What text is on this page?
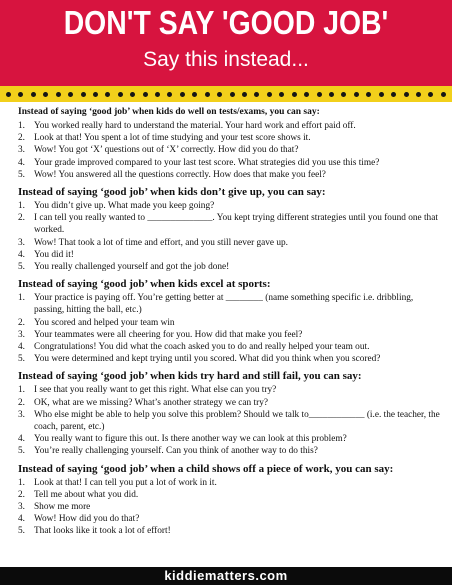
DON'T SAY 'GOOD JOB'
Say this instead...

Instead of saying ‘good job’ when kids do well on tests/exams, you can say:

1. You worked really hard to understand the material. Your hard work and effort paid off.
2. Look at that! You spent a lot of time studying and your test score shows it.
3. Wow! You got ‘X’ questions out of ‘X’ correctly. How did you do that?
4. Your grade improved compared to your last test score. What strategies did you use this time?
5. Wow! You answered all the questions correctly. How does that make you feel?

Instead of saying ‘good job’ when kids don’t give up, you can say:

1. You didn’t give up. What made you keep going?
2. I can tell you really wanted to ______________. You kept trying different strategies until you found one that worked.
3. Wow! That took a lot of time and effort, and you still never gave up.
4. You did it!
5. You really challenged yourself and got the job done!

Instead of saying ‘good job’ when kids excel at sports:

1. Your practice is paying off. You’re getting better at ________ (name something specific i.e. dribbling, passing, hitting the ball, etc.)
2. You scored and helped your team win
3. Your teammates were all cheering for you. How did that make you feel?
4. Congratulations! You did what the coach asked you to do and really helped your team out.
5. You were determined and kept trying until you scored. What did you think when you scored?

Instead of saying ‘good job’ when kids try hard and still fail, you can say:

1. I see that you really want to get this right. What else can you try?
2. OK, what are we missing? What’s another strategy we can try?
3. Who else might be able to help you solve this problem? Should we talk to____________ (i.e. the teacher, the coach, parent, etc.)
4. You really want to figure this out. Is there another way we can look at this problem?
5. You’re really challenging yourself. Can you think of another way to do this?

Instead of saying ‘good job’ when a child shows off a piece of work, you can say:

1. Look at that! I can tell you put a lot of work in it.
2. Tell me about what you did.
3. Show me more
4. Wow! How did you do that?
5. That looks like it took a lot of effort!
kiddiematters.com
